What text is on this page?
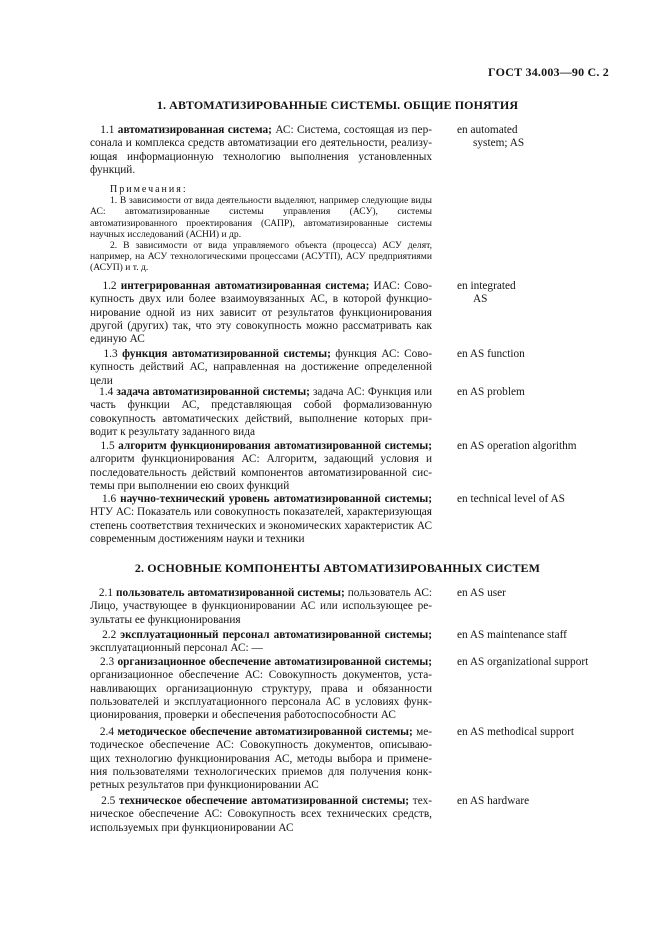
ГОСТ 34.003—90 С. 2
1. АВТОМАТИЗИРОВАННЫЕ СИСТЕМЫ. ОБЩИЕ ПОНЯТИЯ
1.1 автоматизированная система; АС: Система, состоящая из персонала и комплекса средств автоматизации его деятельности, реализующая информационную технологию выполнения установленных функций.
en automated
system; AS

Примечания:

1. В зависимости от вида деятельности выделяют, например следующие виды АС: автоматизированные системы управления (АСУ), системы автоматизированного проектирования (САПР), автоматизированные системы научных исследований (АСНИ) и др.

2. В зависимости от вида управляемого объекта (процесса) АСУ делят, например, на АСУ технологическими процессами (АСУТП), АСУ предприятиями (АСУП) и т. д.

1.2 интегрированная автоматизированная система; ИАС: Совокупность двух или более взаимоувязанных АС, в которой функционирование одной из них зависит от результатов функционирования другой (других) так, что эту совокупность можно рассматривать как единую АС
en integrated
AS
1.3 функция автоматизированной системы; функция АС: Совокупность действий АС, направленная на достижение определенной цели
en AS function
1.4 задача автоматизированной системы; задача АС: Функция или часть функции АС, представляющая собой формализованную совокупность автоматических действий, выполнение которых приводит к результату заданного вида
en AS problem
1.5 алгоритм функционирования автоматизированной системы; алгоритм функционирования АС: Алгоритм, задающий условия и последовательность действий компонентов автоматизированной системы при выполнении ею своих функций
en AS operation algorithm
1.6 научно-технический уровень автоматизированной системы; НТУ АС: Показатель или совокупность показателей, характеризующая степень соответствия технических и экономических характеристик АС современным достижениям науки и техники
en technical level of AS
2. ОСНОВНЫЕ КОМПОНЕНТЫ АВТОМАТИЗИРОВАННЫХ СИСТЕМ
2.1 пользователь автоматизированной системы; пользователь АС: Лицо, участвующее в функционировании АС или использующее результаты ее функционирования
en AS user
2.2 эксплуатационный персонал автоматизированной системы; эксплуатационный персонал АС: —
en AS maintenance staff
2.3 организационное обеспечение автоматизированной системы; организационное обеспечение АС: Совокупность документов, устанавливающих организационную структуру, права и обязанности пользователей и эксплуатационного персонала АС в условиях функционирования, проверки и обеспечения работоспособности АС
en AS organizational support
2.4 методическое обеспечение автоматизированной системы; методическое обеспечение АС: Совокупность документов, описывающих технологию функционирования АС, методы выбора и применения пользователями технологических приемов для получения конкретных результатов при функционировании АС
en AS methodical support
2.5 техническое обеспечение автоматизированной системы; техническое обеспечение АС: Совокупность всех технических средств, используемых при функционировании АС
en AS hardware
